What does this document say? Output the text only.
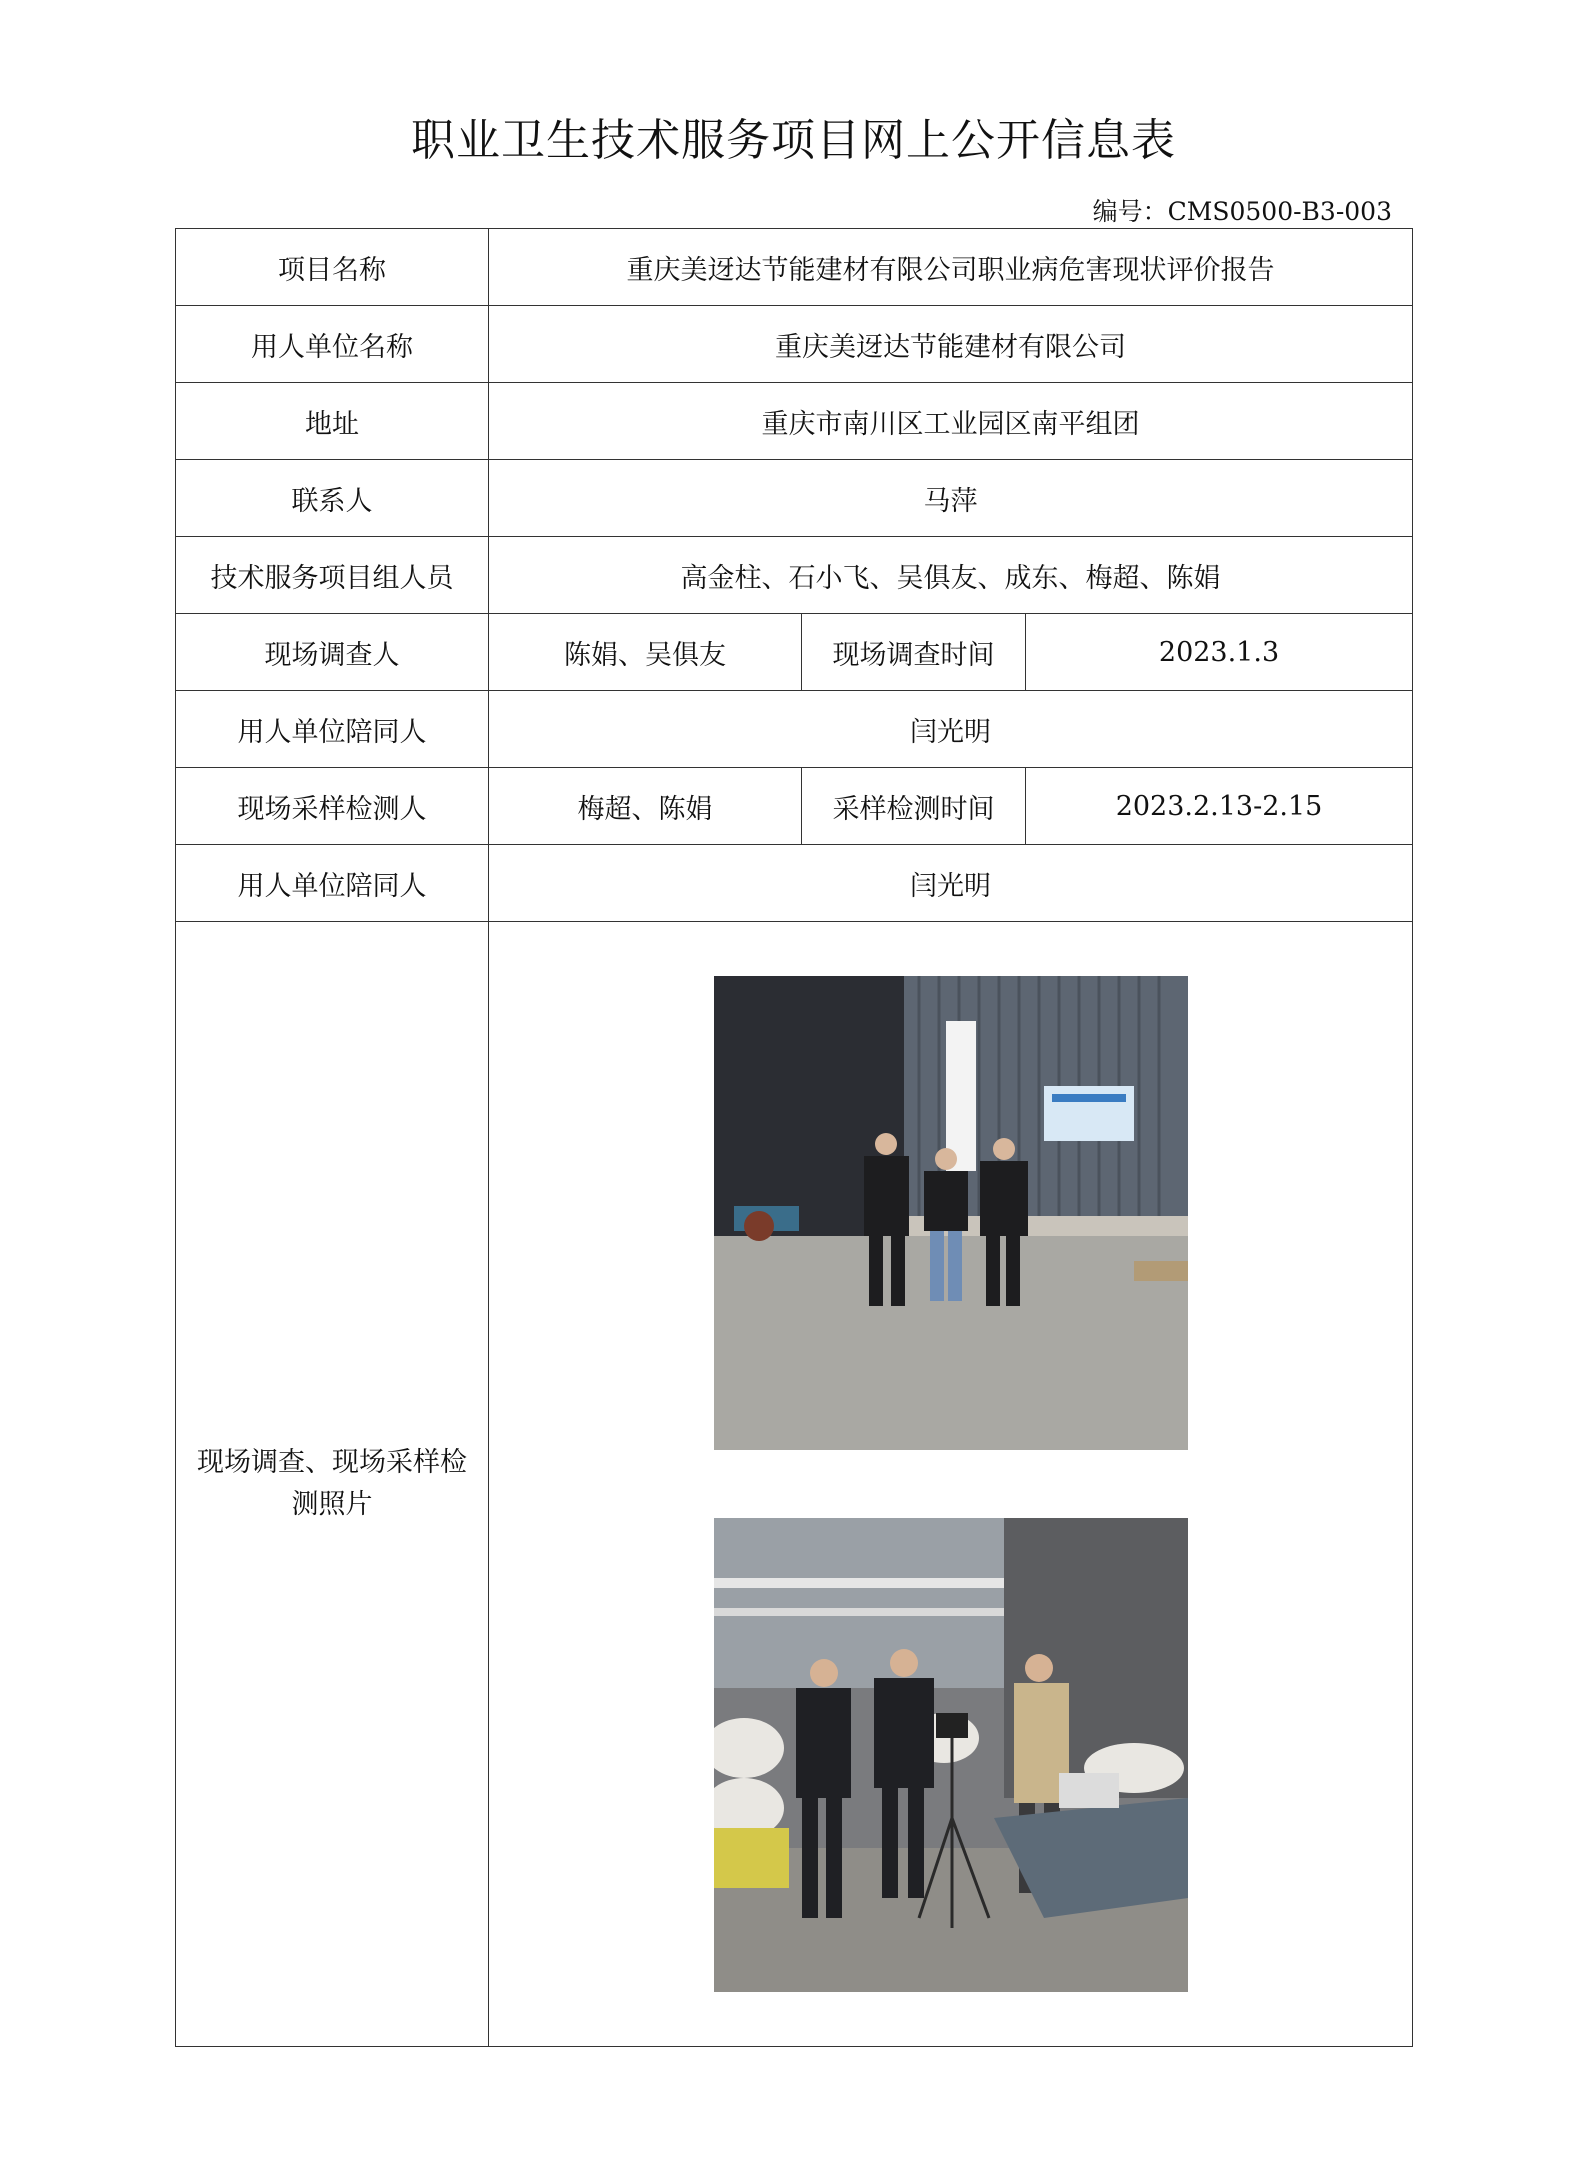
职业卫生技术服务项目网上公开信息表
编号：CMS0500-B3-003
项目名称	重庆美迓达节能建材有限公司职业病危害现状评价报告		
用人单位名称	重庆美迓达节能建材有限公司		
地址	重庆市南川区工业园区南平组团		
联系人	马萍		
技术服务项目组人员	高金柱、石小飞、吴俱友、成东、梅超、陈娟		
现场调查人	陈娟、吴俱友	现场调查时间	2023.1.3
用人单位陪同人	闫光明		
现场采样检测人	梅超、陈娟	采样检测时间	2023.2.13-2.15
用人单位陪同人	闫光明		

现场调查、现场采样检
测照片
